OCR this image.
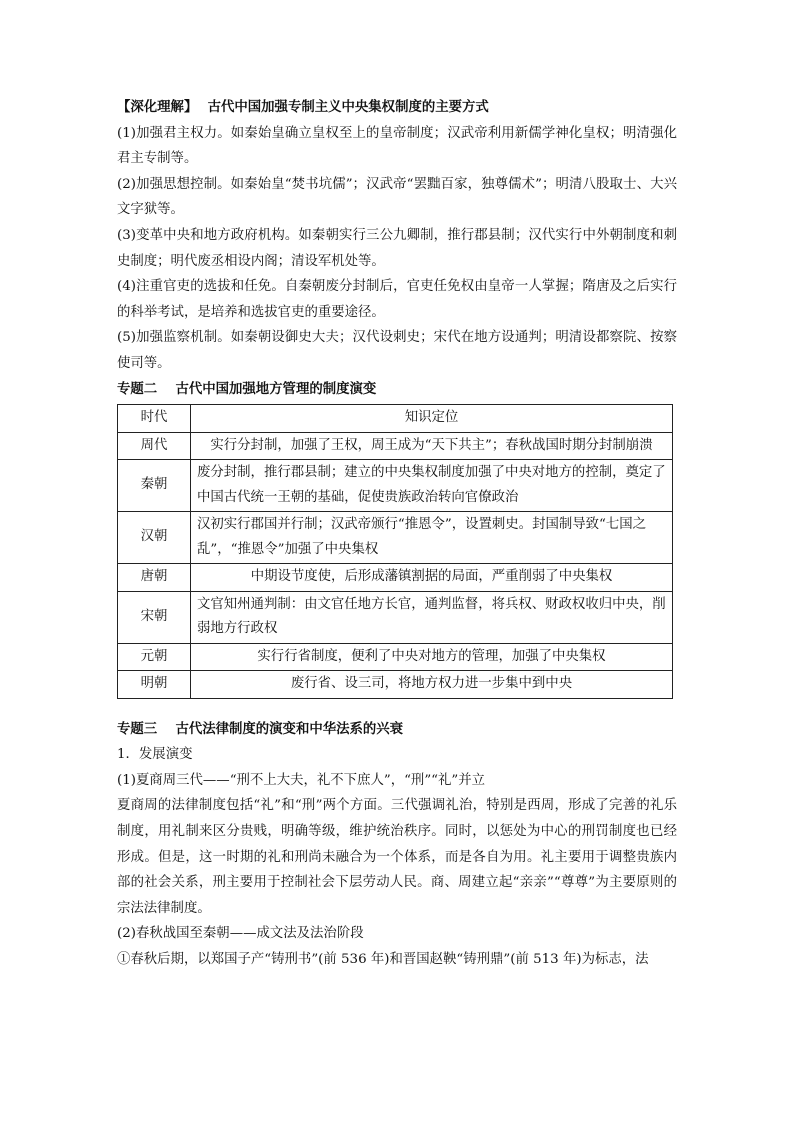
【深化理解】 古代中国加强专制主义中央集权制度的主要方式

(1)加强君主权力。如秦始皇确立皇权至上的皇帝制度；汉武帝利用新儒学神化皇权；明清强化君主专制等。

(2)加强思想控制。如秦始皇“焚书坑儒”；汉武帝“罢黜百家，独尊儒术”；明清八股取士、大兴文字狱等。

(3)变革中央和地方政府机构。如秦朝实行三公九卿制，推行郡县制；汉代实行中外朝制度和刺史制度；明代废丞相设内阁；清设军机处等。

(4)注重官吏的选拔和任免。自秦朝废分封制后，官吏任免权由皇帝一人掌握；隋唐及之后实行的科举考试，是培养和选拔官吏的重要途径。

(5)加强监察机制。如秦朝设御史大夫；汉代设刺史；宋代在地方设通判；明清设都察院、按察使司等。

专题二 古代中国加强地方管理的制度演变

时代	知识定位
周代	实行分封制，加强了王权，周王成为“天下共主”；春秋战国时期分封制崩溃
秦朝	废分封制，推行郡县制；建立的中央集权制度加强了中央对地方的控制，奠定了中国古代统一王朝的基础，促使贵族政治转向官僚政治
汉朝	汉初实行郡国并行制；汉武帝颁行“推恩令”，设置刺史。封国制导致“七国之乱”，“推恩令”加强了中央集权
唐朝	中期设节度使，后形成藩镇割据的局面，严重削弱了中央集权
宋朝	文官知州通判制：由文官任地方长官，通判监督，将兵权、财政权收归中央，削弱地方行政权
元朝	实行行省制度，便利了中央对地方的管理，加强了中央集权
明朝	废行省、设三司，将地方权力进一步集中到中央

专题三 古代法律制度的演变和中华法系的兴衰

1．发展演变

(1)夏商周三代——“刑不上大夫，礼不下庶人”，“刑”“礼”并立

夏商周的法律制度包括“礼”和“刑”两个方面。三代强调礼治，特别是西周，形成了完善的礼乐制度，用礼制来区分贵贱，明确等级，维护统治秩序。同时，以惩处为中心的刑罚制度也已经形成。但是，这一时期的礼和刑尚未融合为一个体系，而是各自为用。礼主要用于调整贵族内部的社会关系，刑主要用于控制社会下层劳动人民。商、周建立起“亲亲”“尊尊”为主要原则的宗法法律制度。

(2)春秋战国至秦朝——成文法及法治阶段

①春秋后期，以郑国子产“铸刑书”(前 536 年)和晋国赵鞅“铸刑鼎”(前 513 年)为标志，法
